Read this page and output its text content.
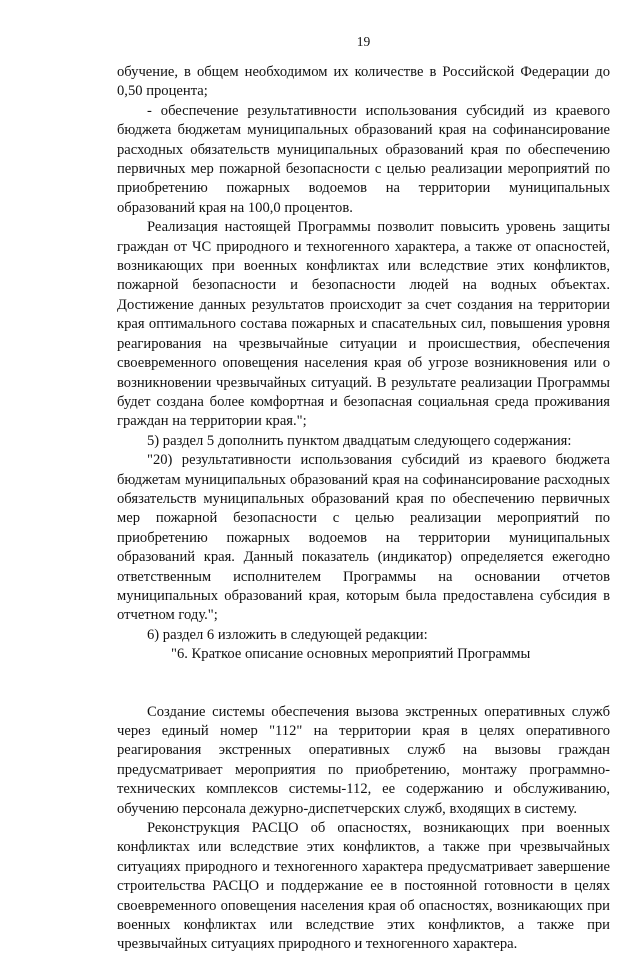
19

обучение, в общем необходимом их количестве в Российской Федерации до 0,50 процента;

- обеспечение результативности использования субсидий из краевого бюджета бюджетам муниципальных образований края на софинансирование расходных обязательств муниципальных образований края по обеспечению первичных мер пожарной безопасности с целью реализации мероприятий по приобретению пожарных водоемов на территории муниципальных образований края на 100,0 процентов.

Реализация настоящей Программы позволит повысить уровень защиты граждан от ЧС природного и техногенного характера, а также от опасностей, возникающих при военных конфликтах или вследствие этих конфликтов, пожарной безопасности и безопасности людей на водных объектах. Достижение данных результатов происходит за счет создания на территории края оптимального состава пожарных и спасательных сил, повышения уровня реагирования на чрезвычайные ситуации и происшествия, обеспечения своевременного оповещения населения края об угрозе возникновения или о возникновении чрезвычайных ситуаций. В результате реализации Программы будет создана более комфортная и безопасная социальная среда проживания граждан на территории края.";

5) раздел 5 дополнить пунктом двадцатым следующего содержания:

"20) результативности использования субсидий из краевого бюджета бюджетам муниципальных образований края на софинансирование расходных обязательств муниципальных образований края по обеспечению первичных мер пожарной безопасности с целью реализации мероприятий по приобретению пожарных водоемов на территории муниципальных образований края. Данный показатель (индикатор) определяется ежегодно ответственным исполнителем Программы на основании отчетов муниципальных образований края, которым была предоставлена субсидия в отчетном году.";

6) раздел 6 изложить в следующей редакции:

"6. Краткое описание основных мероприятий Программы

Создание системы обеспечения вызова экстренных оперативных служб через единый номер "112" на территории края в целях оперативного реагирования экстренных оперативных служб на вызовы граждан предусматривает мероприятия по приобретению, монтажу программно-технических комплексов системы-112, ее содержанию и обслуживанию, обучению персонала дежурно-диспетчерских служб, входящих в систему.

Реконструкция РАСЦО об опасностях, возникающих при военных конфликтах или вследствие этих конфликтов, а также при чрезвычайных ситуациях природного и техногенного характера предусматривает завершение строительства РАСЦО и поддержание ее в постоянной готовности в целях своевременного оповещения населения края об опасностях, возникающих при военных конфликтах или вследствие этих конфликтов, а также при чрезвычайных ситуациях природного и техногенного характера.
